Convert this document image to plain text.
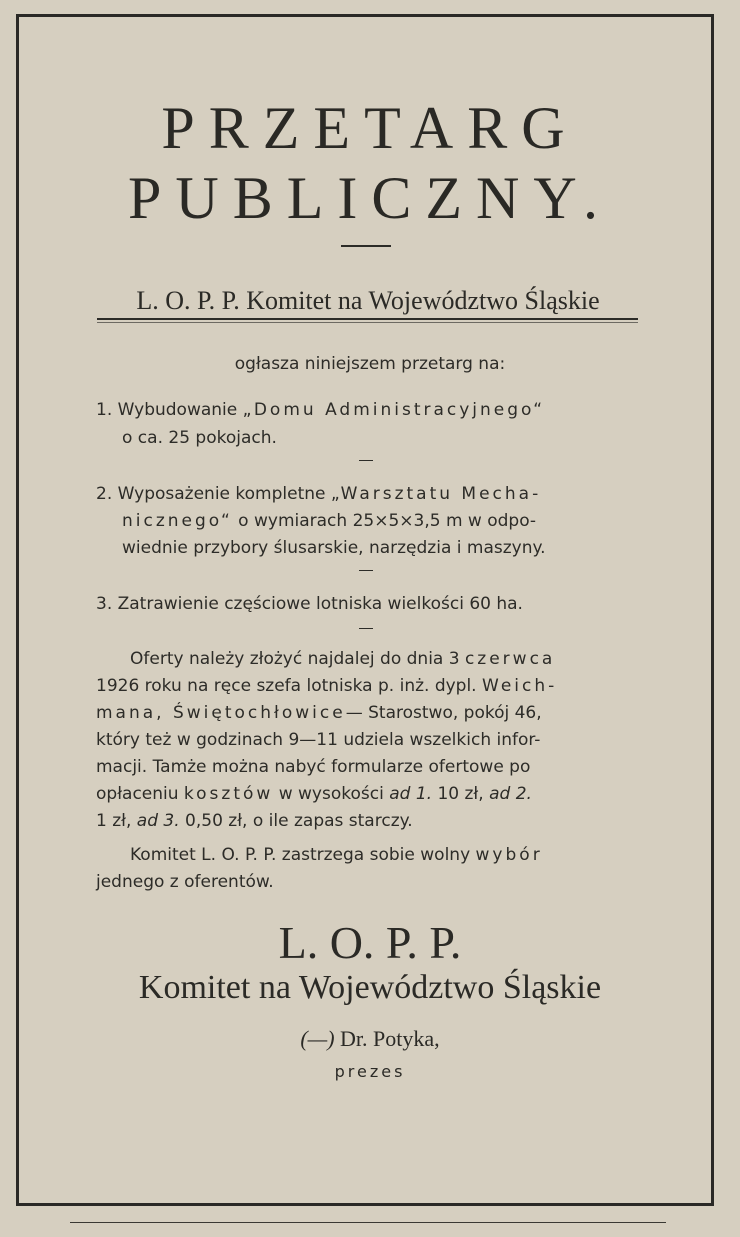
PRZETARG
PUBLICZNY.
L. O. P. P. Komitet na Województwo Śląskie

ogłasza niniejszem przetarg na:

1. Wybudowanie „Domu Administracyjnego“

o ca. 25 pokojach.

2. Wyposażenie kompletne „Warsztatu Mecha-

nicznego“ o wymiarach 25×5×3,5 m w odpo-

wiednie przybory ślusarskie, narzędzia i maszyny.

3. Zatrawienie częściowe lotniska wielkości 60 ha.

Oferty należy złożyć najdalej do dnia 3 czerwca

1926 roku na ręce szefa lotniska p. inż. dypl. Weich-

mana, Świętochłowice— Starostwo, pokój 46,

który też w godzinach 9—11 udziela wszelkich infor-

macji. Tamże można nabyć formularze ofertowe po

opłaceniu kosztów w wysokości ad 1. 10 zł, ad 2.

1 zł, ad 3. 0,50 zł, o ile zapas starczy.

Komitet L. O. P. P. zastrzega sobie wolny wybór

jednego z oferentów.

L. O. P. P.
Komitet na Województwo Śląskie
(—) Dr. Potyka,
prezes
